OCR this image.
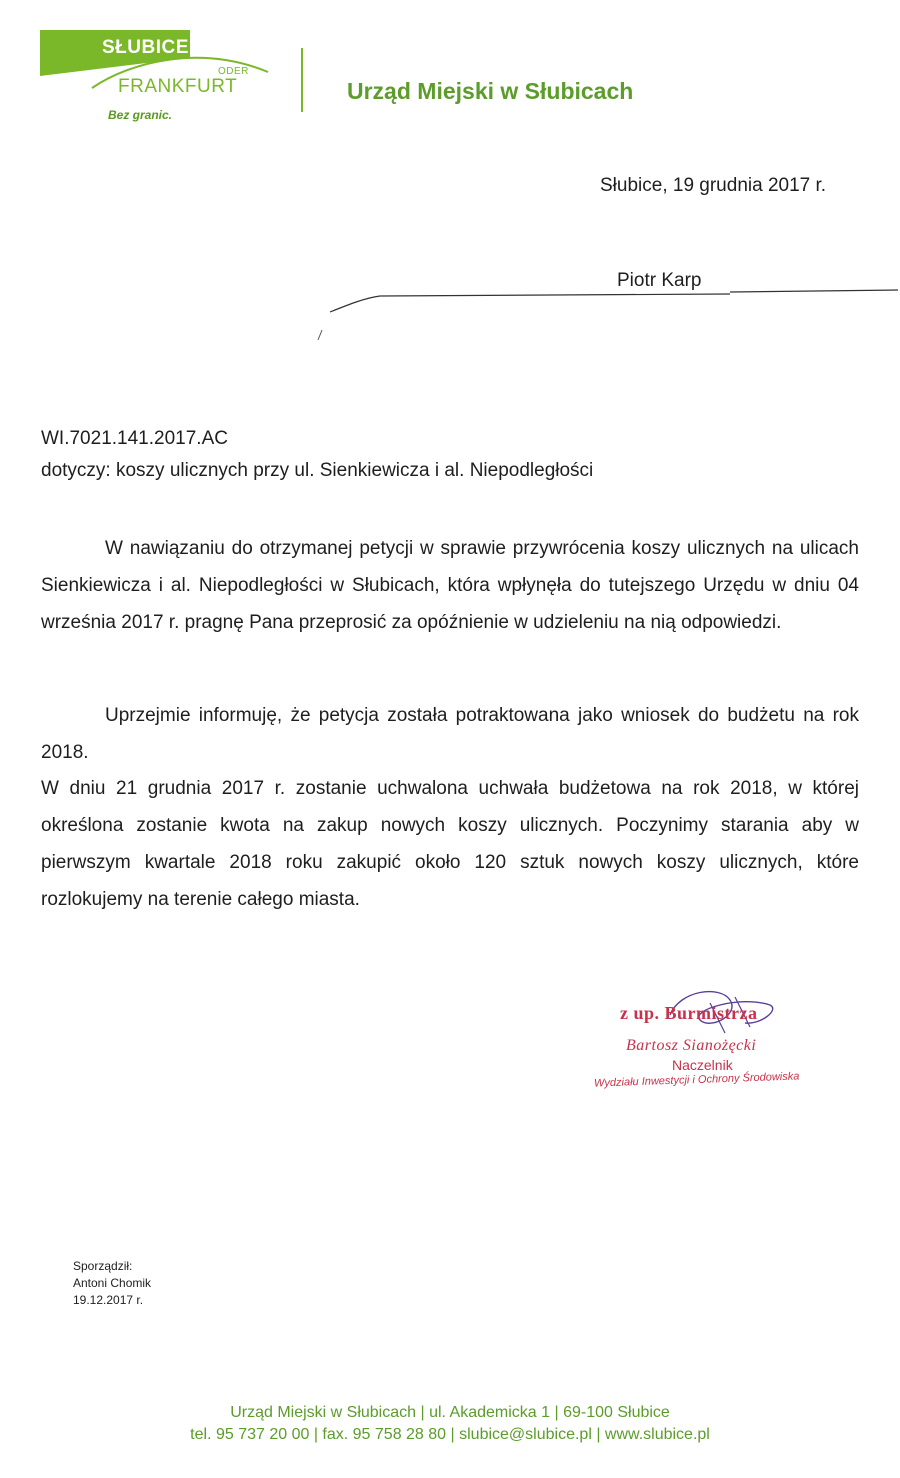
SŁUBICE
ODER
FRANKFURT
Bez granic.
Urząd Miejski w Słubicach
Słubice, 19 grudnia 2017 r.
Piotr Karp
WI.7021.141.2017.AC
dotyczy: koszy ulicznych przy ul. Sienkiewicza i al. Niepodległości

W nawiązaniu do otrzymanej petycji w sprawie przywrócenia koszy ulicznych na ulicach Sienkiewicza i al. Niepodległości w Słubicach, która wpłynęła do tutejszego Urzędu w dniu 04 września 2017 r. pragnę Pana przeprosić za opóźnienie w udzieleniu na nią odpowiedzi.

Uprzejmie informuję, że petycja została potraktowana jako wniosek do budżetu na rok 2018.

W dniu 21 grudnia 2017 r. zostanie uchwalona uchwała budżetowa na rok 2018, w której określona zostanie kwota na zakup nowych koszy ulicznych. Poczynimy starania aby w pierwszym kwartale 2018 roku zakupić około 120 sztuk nowych koszy ulicznych, które rozlokujemy na terenie całego miasta.

z up. Burmistrza
Bartosz Sianożęcki
Naczelnik
Wydziału Inwestycji i Ochrony Środowiska
Sporządził:
Antoni Chomik
19.12.2017 r.
Urząd Miejski w Słubicach | ul. Akademicka 1 | 69-100 Słubice
tel. 95 737 20 00 | fax. 95 758 28 80 | slubice@slubice.pl | www.slubice.pl
